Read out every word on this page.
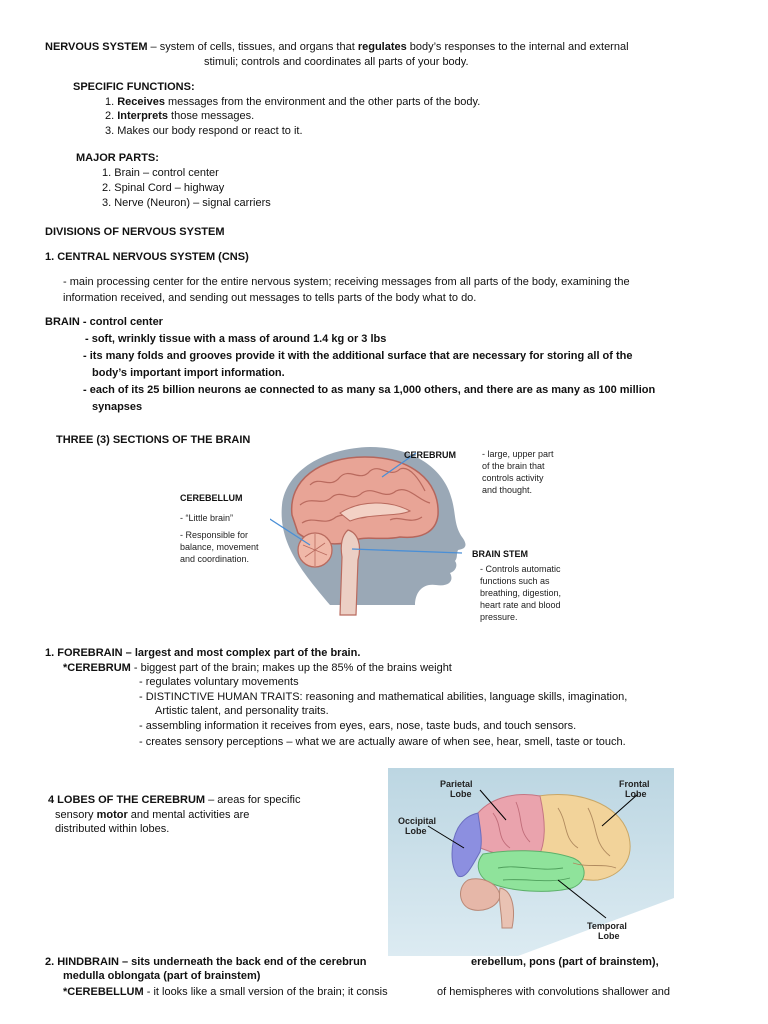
NERVOUS SYSTEM – system of cells, tissues, and organs that regulates body’s responses to the internal and external
stimuli; controls and coordinates all parts of your body.
SPECIFIC FUNCTIONS:
1. Receives messages from the environment and the other parts of the body.
2. Interprets those messages.
3. Makes our body respond or react to it.
MAJOR PARTS:
1. Brain – control center
2. Spinal Cord – highway
3. Nerve (Neuron) – signal carriers
DIVISIONS OF NERVOUS SYSTEM
1. CENTRAL NERVOUS SYSTEM (CNS)
- main processing center for the entire nervous system; receiving messages from all parts of the body, examining the
information received, and sending out messages to tells parts of the body what to do.
BRAIN - control center
- soft, wrinkly tissue with a mass of around 1.4 kg or 3 lbs
- its many folds and grooves provide it with the additional surface that are necessary for storing all of the
body’s important import information.
- each of its 25 billion neurons ae connected to as many sa 1,000 others, and there are as many as 100 million
synapses
THREE (3) SECTIONS OF THE BRAIN
CEREBRUM	- large, upper part
of the brain that
controls activity
and thought.
CEREBELLUM
- “Little brain”
- Responsible for
balance, movement
and coordination.	BRAIN STEM
- Controls automatic
functions such as
breathing, digestion,
heart rate and blood
pressure.
1. FOREBRAIN – largest and most complex part of the brain.
*CEREBRUM - biggest part of the brain; makes up the 85% of the brains weight
- regulates voluntary movements
- DISTINCTIVE HUMAN TRAITS: reasoning and mathematical abilities, language skills, imagination,
Artistic talent, and personality traits.
- assembling information it receives from eyes, ears, nose, taste buds, and touch sensors.
- creates sensory perceptions – what we are actually aware of when see, hear, smell, taste or touch.
4 LOBES OF THE CEREBRUM – areas for specific
sensory motor and mental activities are
distributed within lobes.
Parietal
Lobe
Frontal
Lobe
Occipital
Lobe
Temporal
Lobe
2. HINDBRAIN – sits underneath the back end of the cerebrun	erebellum, pons (part of brainstem),
medulla oblongata (part of brainstem)
*CEREBELLUM - it looks like a small version of the brain; it consis	of hemispheres with convolutions shallower and
